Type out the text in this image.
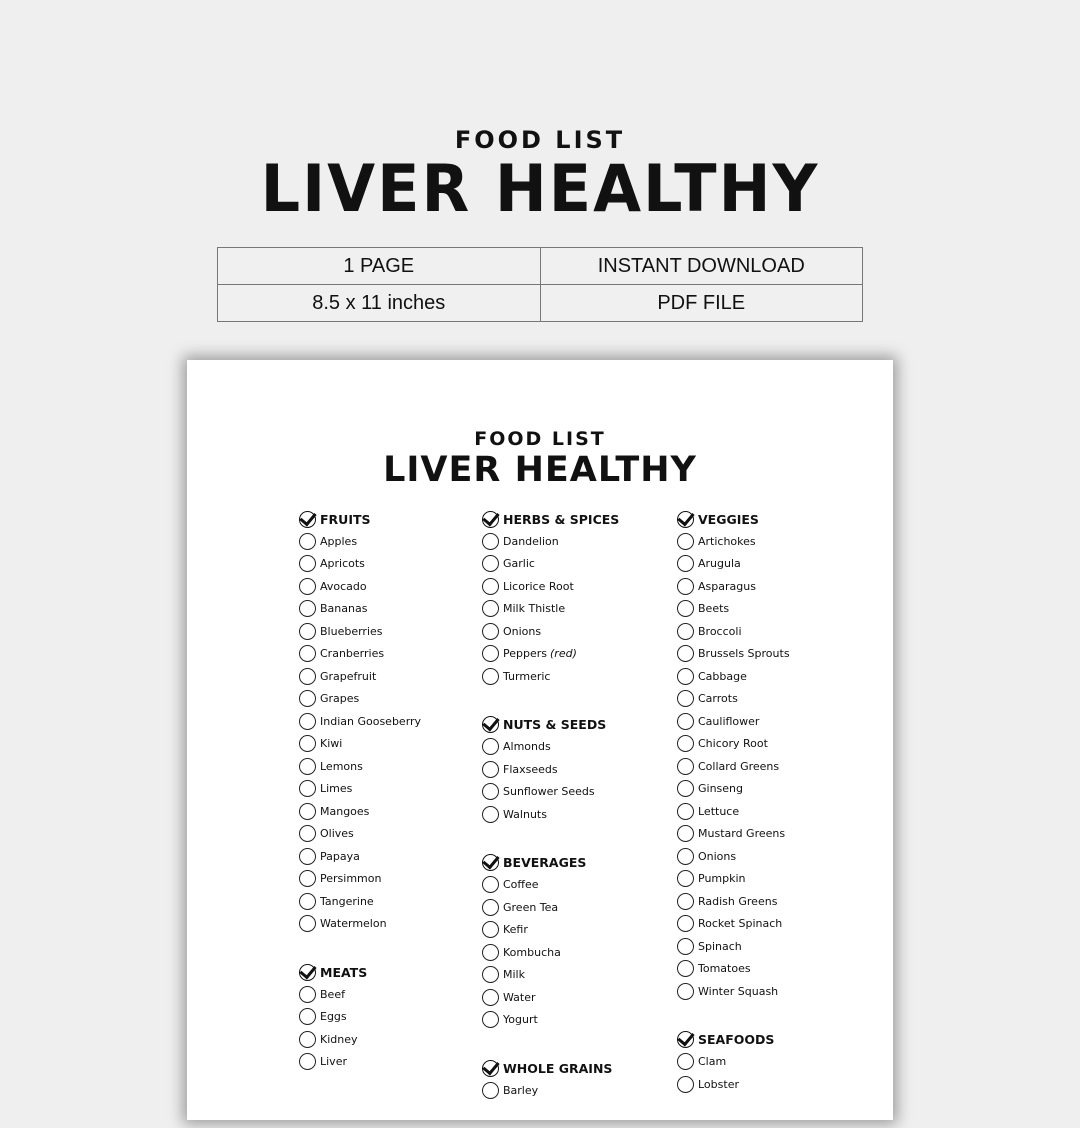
FOOD LIST
LIVER HEALTHY
1 PAGE	INSTANT DOWNLOAD
8.5 x 11 inches	PDF FILE
FOOD LIST
LIVER HEALTHY
FRUITS
Apples
Apricots
Avocado
Bananas
Blueberries
Cranberries
Grapefruit
Grapes
Indian Gooseberry
Kiwi
Lemons
Limes
Mangoes
Olives
Papaya
Persimmon
Tangerine
Watermelon
MEATS
Beef
Eggs
Kidney
Liver
HERBS & SPICES
Dandelion
Garlic
Licorice Root
Milk Thistle
Onions
Peppers (red)
Turmeric
NUTS & SEEDS
Almonds
Flaxseeds
Sunflower Seeds
Walnuts
BEVERAGES
Coffee
Green Tea
Kefir
Kombucha
Milk
Water
Yogurt
WHOLE GRAINS
Barley
VEGGIES
Artichokes
Arugula
Asparagus
Beets
Broccoli
Brussels Sprouts
Cabbage
Carrots
Cauliflower
Chicory Root
Collard Greens
Ginseng
Lettuce
Mustard Greens
Onions
Pumpkin
Radish Greens
Rocket Spinach
Spinach
Tomatoes
Winter Squash
SEAFOODS
Clam
Lobster
